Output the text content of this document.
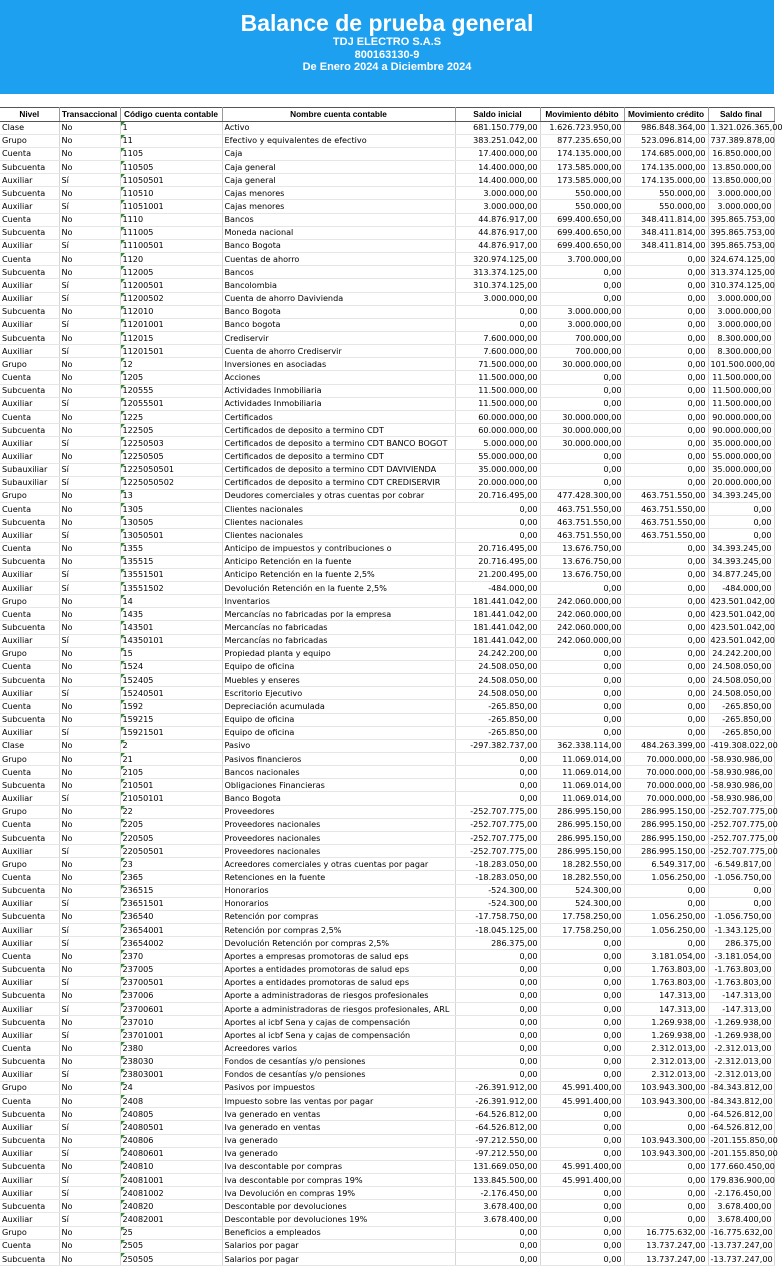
Balance de prueba general
TDJ ELECTRO S.A.S
800163130-9
De Enero 2024 a Diciembre 2024
Nivel	Transaccional	Código cuenta contable	Nombre cuenta contable	Saldo inicial	Movimiento débito	Movimiento crédito	Saldo final
Clase	No	1	Activo	681.150.779,00	1.626.723.950,00	986.848.364,00	1.321.026.365,00
Grupo	No	11	Efectivo y equivalentes de efectivo	383.251.042,00	877.235.650,00	523.096.814,00	737.389.878,00
Cuenta	No	1105	Caja	17.400.000,00	174.135.000,00	174.685.000,00	16.850.000,00
Subcuenta	No	110505	Caja general	14.400.000,00	173.585.000,00	174.135.000,00	13.850.000,00
Auxiliar	Sí	11050501	Caja general	14.400.000,00	173.585.000,00	174.135.000,00	13.850.000,00
Subcuenta	No	110510	Cajas menores	3.000.000,00	550.000,00	550.000,00	3.000.000,00
Auxiliar	Sí	11051001	Cajas menores	3.000.000,00	550.000,00	550.000,00	3.000.000,00
Cuenta	No	1110	Bancos	44.876.917,00	699.400.650,00	348.411.814,00	395.865.753,00
Subcuenta	No	111005	Moneda nacional	44.876.917,00	699.400.650,00	348.411.814,00	395.865.753,00
Auxiliar	Sí	11100501	Banco Bogota	44.876.917,00	699.400.650,00	348.411.814,00	395.865.753,00
Cuenta	No	1120	Cuentas de ahorro	320.974.125,00	3.700.000,00	0,00	324.674.125,00
Subcuenta	No	112005	Bancos	313.374.125,00	0,00	0,00	313.374.125,00
Auxiliar	Sí	11200501	Bancolombia	310.374.125,00	0,00	0,00	310.374.125,00
Auxiliar	Sí	11200502	Cuenta de ahorro Davivienda	3.000.000,00	0,00	0,00	3.000.000,00
Subcuenta	No	112010	Banco Bogota	0,00	3.000.000,00	0,00	3.000.000,00
Auxiliar	Sí	11201001	Banco bogota	0,00	3.000.000,00	0,00	3.000.000,00
Subcuenta	No	112015	Crediservir	7.600.000,00	700.000,00	0,00	8.300.000,00
Auxiliar	Sí	11201501	Cuenta de ahorro Crediservir	7.600.000,00	700.000,00	0,00	8.300.000,00
Grupo	No	12	Inversiones en asociadas	71.500.000,00	30.000.000,00	0,00	101.500.000,00
Cuenta	No	1205	Acciones	11.500.000,00	0,00	0,00	11.500.000,00
Subcuenta	No	120555	Actividades Inmobiliaria	11.500.000,00	0,00	0,00	11.500.000,00
Auxiliar	Sí	12055501	Actividades Inmobiliaria	11.500.000,00	0,00	0,00	11.500.000,00
Cuenta	No	1225	Certificados	60.000.000,00	30.000.000,00	0,00	90.000.000,00
Subcuenta	No	122505	Certificados de deposito a termino CDT	60.000.000,00	30.000.000,00	0,00	90.000.000,00
Auxiliar	Sí	12250503	Certificados de deposito a termino CDT BANCO BOGOT	5.000.000,00	30.000.000,00	0,00	35.000.000,00
Auxiliar	No	12250505	Certificados de deposito a termino CDT	55.000.000,00	0,00	0,00	55.000.000,00
Subauxiliar	Sí	1225050501	Certificados de deposito a termino CDT DAVIVIENDA	35.000.000,00	0,00	0,00	35.000.000,00
Subauxiliar	Sí	1225050502	Certificados de deposito a termino CDT CREDISERVIR	20.000.000,00	0,00	0,00	20.000.000,00
Grupo	No	13	Deudores comerciales y otras cuentas por cobrar	20.716.495,00	477.428.300,00	463.751.550,00	34.393.245,00
Cuenta	No	1305	Clientes nacionales	0,00	463.751.550,00	463.751.550,00	0,00
Subcuenta	No	130505	Clientes nacionales	0,00	463.751.550,00	463.751.550,00	0,00
Auxiliar	Sí	13050501	Clientes nacionales	0,00	463.751.550,00	463.751.550,00	0,00
Cuenta	No	1355	Anticipo de impuestos y contribuciones o	20.716.495,00	13.676.750,00	0,00	34.393.245,00
Subcuenta	No	135515	Anticipo Retención en la fuente	20.716.495,00	13.676.750,00	0,00	34.393.245,00
Auxiliar	Sí	13551501	Anticipo Retención en la fuente 2,5%	21.200.495,00	13.676.750,00	0,00	34.877.245,00
Auxiliar	Sí	13551502	Devolución Retención en la fuente 2,5%	-484.000,00	0,00	0,00	-484.000,00
Grupo	No	14	Inventarios	181.441.042,00	242.060.000,00	0,00	423.501.042,00
Cuenta	No	1435	Mercancías no fabricadas por la empresa	181.441.042,00	242.060.000,00	0,00	423.501.042,00
Subcuenta	No	143501	Mercancías no fabricadas	181.441.042,00	242.060.000,00	0,00	423.501.042,00
Auxiliar	Sí	14350101	Mercancías no fabricadas	181.441.042,00	242.060.000,00	0,00	423.501.042,00
Grupo	No	15	Propiedad planta y equipo	24.242.200,00	0,00	0,00	24.242.200,00
Cuenta	No	1524	Equipo de oficina	24.508.050,00	0,00	0,00	24.508.050,00
Subcuenta	No	152405	Muebles y enseres	24.508.050,00	0,00	0,00	24.508.050,00
Auxiliar	Sí	15240501	Escritorio Ejecutivo	24.508.050,00	0,00	0,00	24.508.050,00
Cuenta	No	1592	Depreciación acumulada	-265.850,00	0,00	0,00	-265.850,00
Subcuenta	No	159215	Equipo de oficina	-265.850,00	0,00	0,00	-265.850,00
Auxiliar	Sí	15921501	Equipo de oficina	-265.850,00	0,00	0,00	-265.850,00
Clase	No	2	Pasivo	-297.382.737,00	362.338.114,00	484.263.399,00	-419.308.022,00
Grupo	No	21	Pasivos financieros	0,00	11.069.014,00	70.000.000,00	-58.930.986,00
Cuenta	No	2105	Bancos nacionales	0,00	11.069.014,00	70.000.000,00	-58.930.986,00
Subcuenta	No	210501	Obligaciones Financieras	0,00	11.069.014,00	70.000.000,00	-58.930.986,00
Auxiliar	Sí	21050101	Banco Bogota	0,00	11.069.014,00	70.000.000,00	-58.930.986,00
Grupo	No	22	Proveedores	-252.707.775,00	286.995.150,00	286.995.150,00	-252.707.775,00
Cuenta	No	2205	Proveedores nacionales	-252.707.775,00	286.995.150,00	286.995.150,00	-252.707.775,00
Subcuenta	No	220505	Proveedores nacionales	-252.707.775,00	286.995.150,00	286.995.150,00	-252.707.775,00
Auxiliar	Sí	22050501	Proveedores nacionales	-252.707.775,00	286.995.150,00	286.995.150,00	-252.707.775,00
Grupo	No	23	Acreedores comerciales y otras cuentas por pagar	-18.283.050,00	18.282.550,00	6.549.317,00	-6.549.817,00
Cuenta	No	2365	Retenciones en la fuente	-18.283.050,00	18.282.550,00	1.056.250,00	-1.056.750,00
Subcuenta	No	236515	Honorarios	-524.300,00	524.300,00	0,00	0,00
Auxiliar	Sí	23651501	Honorarios	-524.300,00	524.300,00	0,00	0,00
Subcuenta	No	236540	Retención por compras	-17.758.750,00	17.758.250,00	1.056.250,00	-1.056.750,00
Auxiliar	Sí	23654001	Retención por compras 2,5%	-18.045.125,00	17.758.250,00	1.056.250,00	-1.343.125,00
Auxiliar	Sí	23654002	Devolución Retención por compras 2,5%	286.375,00	0,00	0,00	286.375,00
Cuenta	No	2370	Aportes a empresas promotoras de salud eps	0,00	0,00	3.181.054,00	-3.181.054,00
Subcuenta	No	237005	Aportes a entidades promotoras de salud eps	0,00	0,00	1.763.803,00	-1.763.803,00
Auxiliar	Sí	23700501	Aportes a entidades promotoras de salud eps	0,00	0,00	1.763.803,00	-1.763.803,00
Subcuenta	No	237006	Aporte a administradoras de riesgos profesionales	0,00	0,00	147.313,00	-147.313,00
Auxiliar	Sí	23700601	Aporte a administradoras de riesgos profesionales, ARL	0,00	0,00	147.313,00	-147.313,00
Subcuenta	No	237010	Aportes al icbf Sena y cajas de compensación	0,00	0,00	1.269.938,00	-1.269.938,00
Auxiliar	Sí	23701001	Aportes al icbf Sena y cajas de compensación	0,00	0,00	1.269.938,00	-1.269.938,00
Cuenta	No	2380	Acreedores varios	0,00	0,00	2.312.013,00	-2.312.013,00
Subcuenta	No	238030	Fondos de cesantías y/o pensiones	0,00	0,00	2.312.013,00	-2.312.013,00
Auxiliar	Sí	23803001	Fondos de cesantías y/o pensiones	0,00	0,00	2.312.013,00	-2.312.013,00
Grupo	No	24	Pasivos por impuestos	-26.391.912,00	45.991.400,00	103.943.300,00	-84.343.812,00
Cuenta	No	2408	Impuesto sobre las ventas por pagar	-26.391.912,00	45.991.400,00	103.943.300,00	-84.343.812,00
Subcuenta	No	240805	Iva generado en ventas	-64.526.812,00	0,00	0,00	-64.526.812,00
Auxiliar	Sí	24080501	Iva generado en ventas	-64.526.812,00	0,00	0,00	-64.526.812,00
Subcuenta	No	240806	Iva generado	-97.212.550,00	0,00	103.943.300,00	-201.155.850,00
Auxiliar	Sí	24080601	Iva generado	-97.212.550,00	0,00	103.943.300,00	-201.155.850,00
Subcuenta	No	240810	Iva descontable por compras	131.669.050,00	45.991.400,00	0,00	177.660.450,00
Auxiliar	Sí	24081001	Iva descontable por compras 19%	133.845.500,00	45.991.400,00	0,00	179.836.900,00
Auxiliar	Sí	24081002	Iva Devolución en compras 19%	-2.176.450,00	0,00	0,00	-2.176.450,00
Subcuenta	No	240820	Descontable por devoluciones	3.678.400,00	0,00	0,00	3.678.400,00
Auxiliar	Sí	24082001	Descontable por devoluciones 19%	3.678.400,00	0,00	0,00	3.678.400,00
Grupo	No	25	Beneficios a empleados	0,00	0,00	16.775.632,00	-16.775.632,00
Cuenta	No	2505	Salarios por pagar	0,00	0,00	13.737.247,00	-13.737.247,00
Subcuenta	No	250505	Salarios por pagar	0,00	0,00	13.737.247,00	-13.737.247,00
